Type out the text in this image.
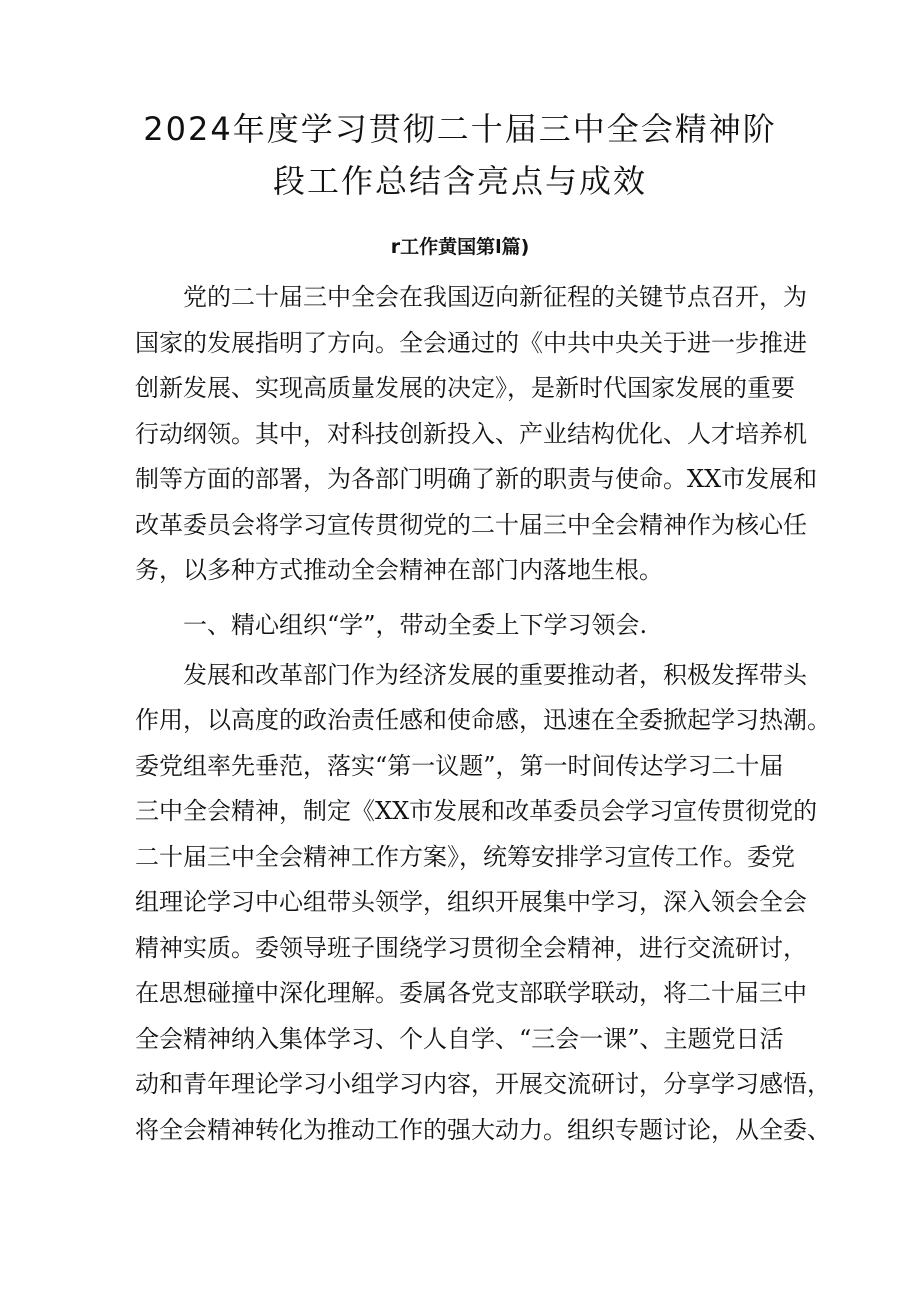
2024年度学习贯彻二十届三中全会精神阶
段工作总结含亮点与成效
r工作黄国第l篇)

党的二十届三中全会在我国迈向新征程的关键节点召开，为
国家的发展指明了方向。全会通过的《中共中央关于进一步推进
创新发展、实现高质量发展的决定》，是新时代国家发展的重要
行动纲领。其中，对科技创新投入、产业结构优化、人才培养机
制等方面的部署，为各部门明确了新的职责与使命。XX市发展和
改革委员会将学习宣传贯彻党的二十届三中全会精神作为核心任
务，以多种方式推动全会精神在部门内落地生根。

一、精心组织“学”，带动全委上下学习领会.

发展和改革部门作为经济发展的重要推动者，积极发挥带头
作用，以高度的政治责任感和使命感，迅速在全委掀起学习热潮。
委党组率先垂范，落实“第一议题”，第一时间传达学习二十届
三中全会精神，制定《XX市发展和改革委员会学习宣传贯彻党的
二十届三中全会精神工作方案》，统筹安排学习宣传工作。委党
组理论学习中心组带头领学，组织开展集中学习，深入领会全会
精神实质。委领导班子围绕学习贯彻全会精神，进行交流研讨，
在思想碰撞中深化理解。委属各党支部联学联动，将二十届三中
全会精神纳入集体学习、个人自学、“三会一课”、主题党日活
动和青年理论学习小组学习内容，开展交流研讨，分享学习感悟，
将全会精神转化为推动工作的强大动力。组织专题讨论，从全委、
